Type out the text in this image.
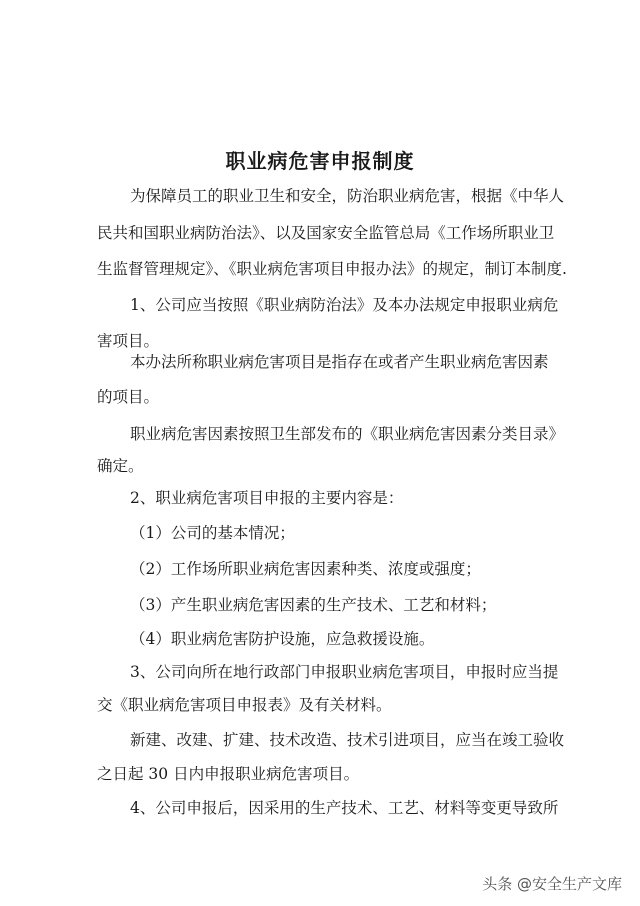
职业病危害申报制度

为保障员工的职业卫生和安全，防治职业病危害，根据《中华人

民共和国职业病防治法》、以及国家安全监管总局《工作场所职业卫

生监督管理规定》、《职业病危害项目申报办法》的规定，制订本制度.

1、公司应当按照《职业病防治法》及本办法规定申报职业病危

害项目。

本办法所称职业病危害项目是指存在或者产生职业病危害因素

的项目。

职业病危害因素按照卫生部发布的《职业病危害因素分类目录》

确定。

2、职业病危害项目申报的主要内容是：

（1）公司的基本情况；

（2）工作场所职业病危害因素种类、浓度或强度；

（3）产生职业病危害因素的生产技术、工艺和材料；

（4）职业病危害防护设施，应急救援设施。

3、公司向所在地行政部门申报职业病危害项目，申报时应当提

交《职业病危害项目申报表》及有关材料。

新建、改建、扩建、技术改造、技术引进项目，应当在竣工验收

之日起 30 日内申报职业病危害项目。

4、公司申报后，因采用的生产技术、工艺、材料等变更导致所

头条 @安全生产文库
